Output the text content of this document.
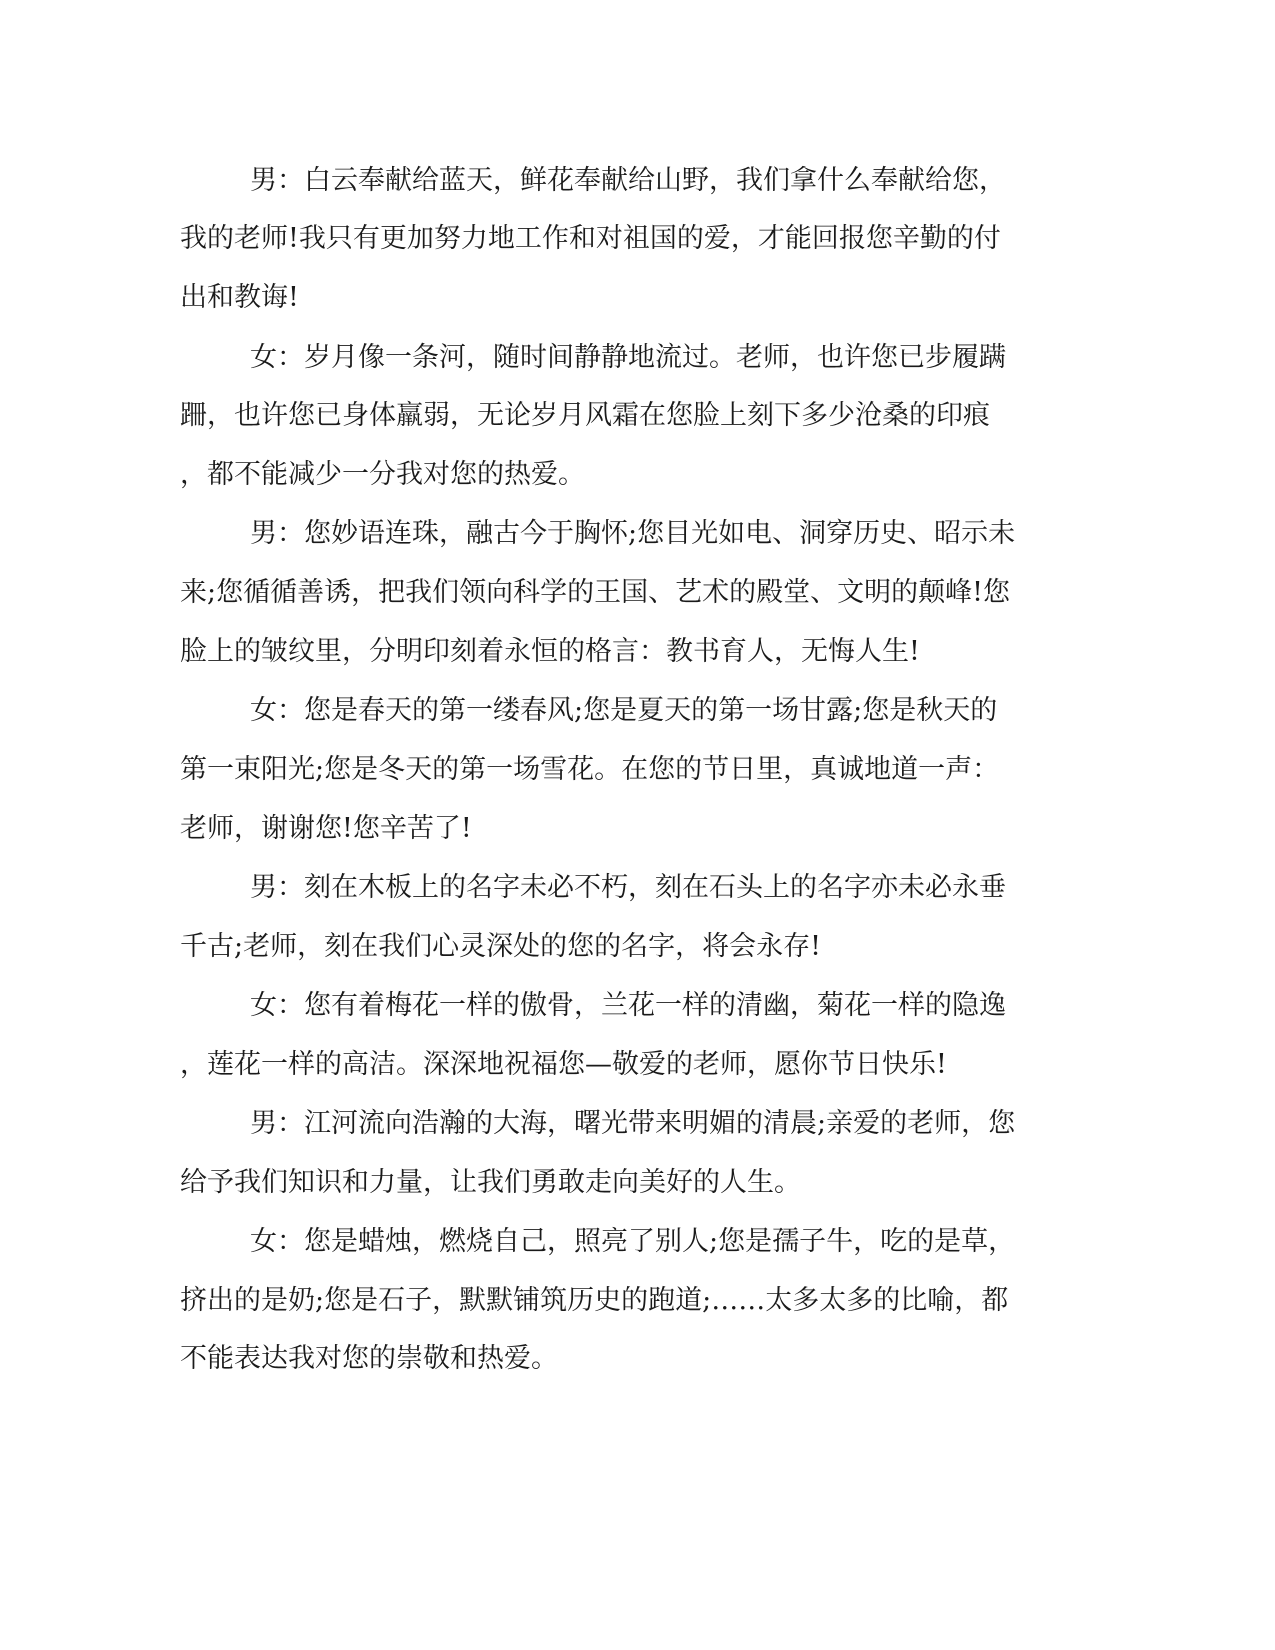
男：白云奉献给蓝天，鲜花奉献给山野，我们拿什么奉献给您，
我的老师!我只有更加努力地工作和对祖国的爱，才能回报您辛勤的付
出和教诲!
女：岁月像一条河，随时间静静地流过。老师，也许您已步履蹒
跚，也许您已身体羸弱，无论岁月风霜在您脸上刻下多少沧桑的印痕
，都不能减少一分我对您的热爱。
男：您妙语连珠，融古今于胸怀;您目光如电、洞穿历史、昭示未
来;您循循善诱，把我们领向科学的王国、艺术的殿堂、文明的颠峰!您
脸上的皱纹里，分明印刻着永恒的格言：教书育人，无悔人生!
女：您是春天的第一缕春风;您是夏天的第一场甘露;您是秋天的
第一束阳光;您是冬天的第一场雪花。在您的节日里，真诚地道一声：
老师，谢谢您!您辛苦了!
男：刻在木板上的名字未必不朽，刻在石头上的名字亦未必永垂
千古;老师，刻在我们心灵深处的您的名字，将会永存!
女：您有着梅花一样的傲骨，兰花一样的清幽，菊花一样的隐逸
，莲花一样的高洁。深深地祝福您—敬爱的老师，愿你节日快乐!
男：江河流向浩瀚的大海，曙光带来明媚的清晨;亲爱的老师，您
给予我们知识和力量，让我们勇敢走向美好的人生。
女：您是蜡烛，燃烧自己，照亮了别人;您是孺子牛，吃的是草，
挤出的是奶;您是石子，默默铺筑历史的跑道;……太多太多的比喻，都
不能表达我对您的崇敬和热爱。
